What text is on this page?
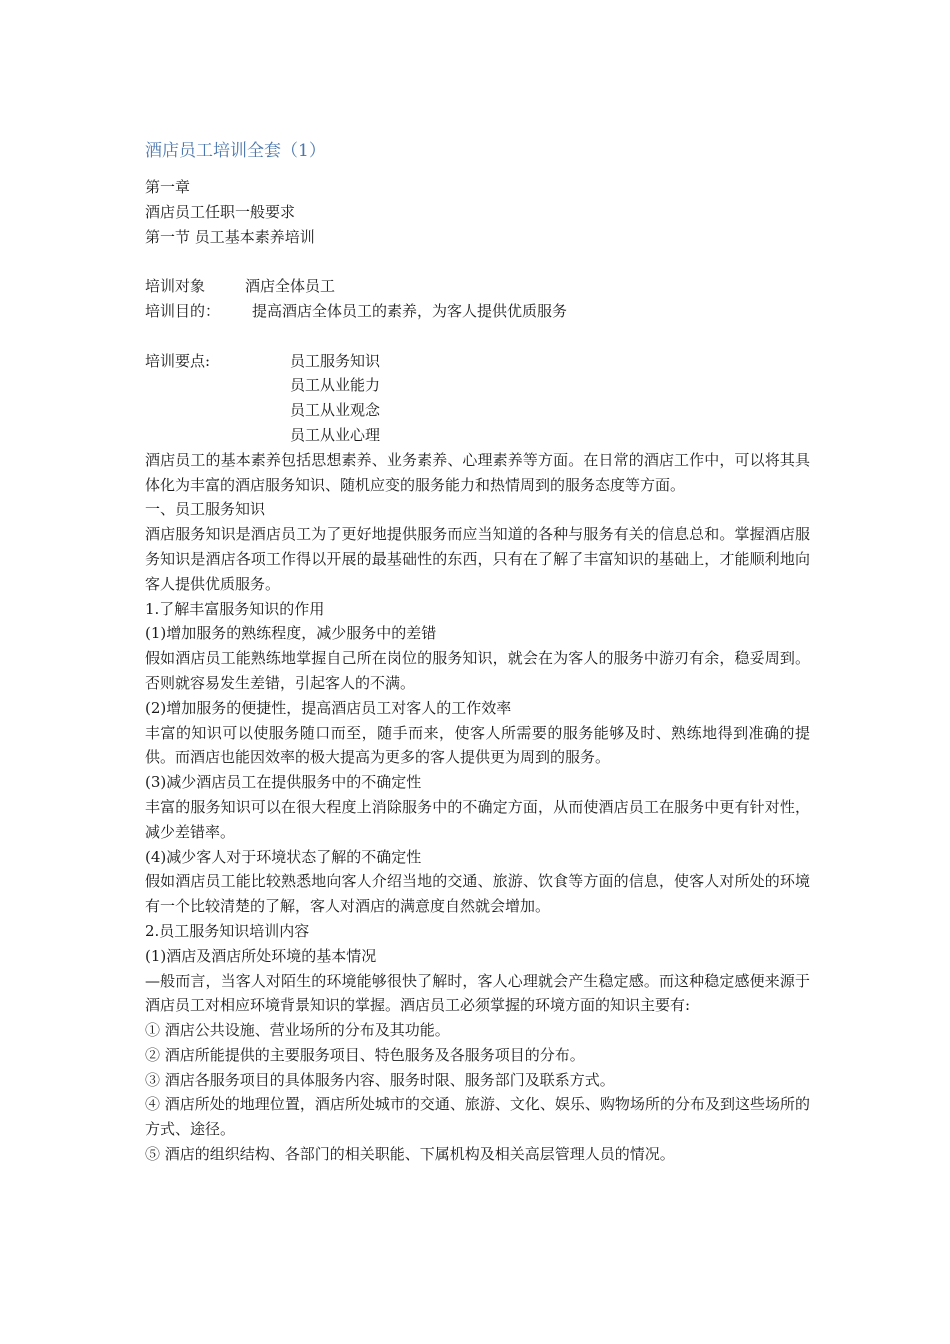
酒店员工培训全套（1）
第一章
酒店员工任职一般要求
第一节 员工基本素养培训
培训对象	酒店全体员工
培训目的：	提高酒店全体员工的素养，为客人提供优质服务
培训要点:	员工服务知识
员工从业能力
员工从业观念
员工从业心理
酒店员工的基本素养包括思想素养、业务素养、心理素养等方面。在日常的酒店工作中，可以将其具体化为丰富的酒店服务知识、随机应变的服务能力和热情周到的服务态度等方面。
一、员工服务知识
酒店服务知识是酒店员工为了更好地提供服务而应当知道的各种与服务有关的信息总和。掌握酒店服务知识是酒店各项工作得以开展的最基础性的东西，只有在了解了丰富知识的基础上，才能顺利地向客人提供优质服务。
1.了解丰富服务知识的作用
(1)增加服务的熟练程度，减少服务中的差错
假如酒店员工能熟练地掌握自己所在岗位的服务知识，就会在为客人的服务中游刃有余，稳妥周到。否则就容易发生差错，引起客人的不满。
(2)增加服务的便捷性，提高酒店员工对客人的工作效率
丰富的知识可以使服务随口而至，随手而来，使客人所需要的服务能够及时、熟练地得到准确的提供。而酒店也能因效率的极大提高为更多的客人提供更为周到的服务。
(3)减少酒店员工在提供服务中的不确定性
丰富的服务知识可以在很大程度上消除服务中的不确定方面，从而使酒店员工在服务中更有针对性，减少差错率。
(4)减少客人对于环境状态了解的不确定性
假如酒店员工能比较熟悉地向客人介绍当地的交通、旅游、饮食等方面的信息，使客人对所处的环境有一个比较清楚的了解，客人对酒店的满意度自然就会增加。
2.员工服务知识培训内容
(1)酒店及酒店所处环境的基本情况
—般而言，当客人对陌生的环境能够很快了解时，客人心理就会产生稳定感。而这种稳定感便来源于酒店员工对相应环境背景知识的掌握。酒店员工必须掌握的环境方面的知识主要有:
① 酒店公共设施、营业场所的分布及其功能。
② 酒店所能提供的主要服务项目、特色服务及各服务项目的分布。
③ 酒店各服务项目的具体服务内容、服务时限、服务部门及联系方式。
④ 酒店所处的地理位置，酒店所处城市的交通、旅游、文化、娱乐、购物场所的分布及到这些场所的方式、途径。
⑤ 酒店的组织结构、各部门的相关职能、下属机构及相关高层管理人员的情况。
